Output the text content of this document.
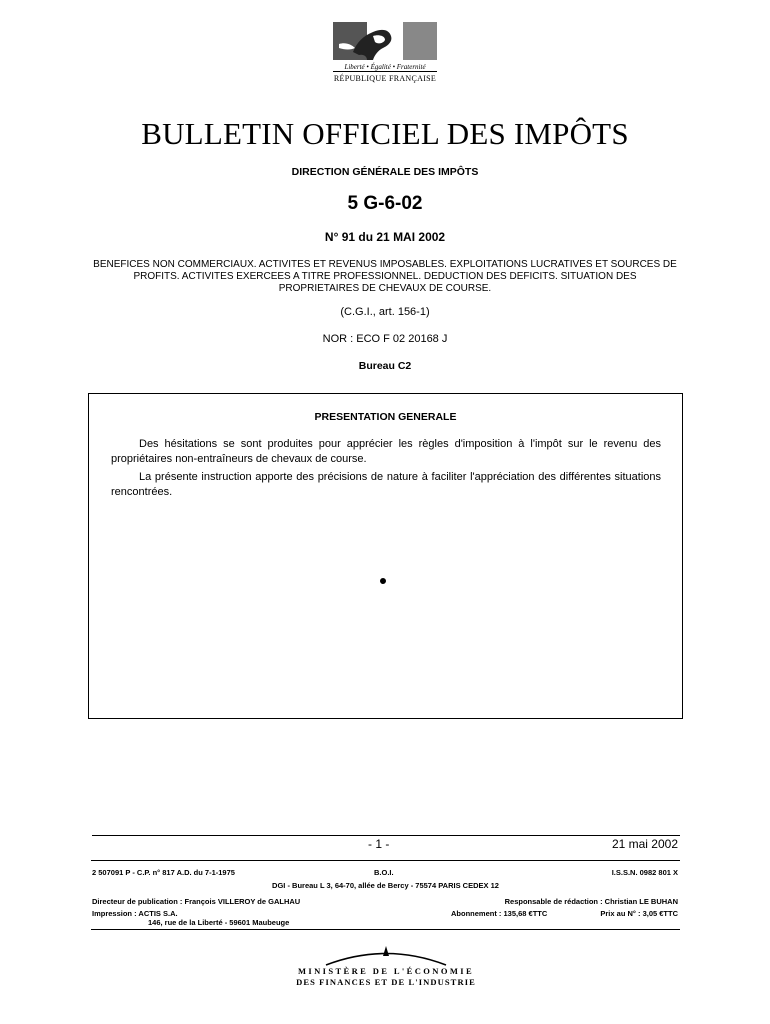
Liberté • Égalité • Fraternité
RÉPUBLIQUE FRANÇAISE
BULLETIN OFFICIEL DES IMPÔTS
DIRECTION GÉNÉRALE DES IMPÔTS
5 G-6-02
N° 91 du 21 MAI 2002
BENEFICES NON COMMERCIAUX. ACTIVITES ET REVENUS IMPOSABLES. EXPLOITATIONS LUCRATIVES ET SOURCES DE PROFITS. ACTIVITES EXERCEES A TITRE PROFESSIONNEL. DEDUCTION DES DEFICITS. SITUATION DES PROPRIETAIRES DE CHEVAUX DE COURSE.
(C.G.I., art. 156-1)
NOR : ECO F 02 20168 J
Bureau C2
PRESENTATION GENERALE

Des hésitations se sont produites pour apprécier les règles d'imposition à l'impôt sur le revenu des propriétaires non-entraîneurs de chevaux de course.

La présente instruction apporte des précisions de nature à faciliter l'appréciation des différentes situations rencontrées.

- 1 -	21 mai 2002
2 507091 P - C.P. n° 817 A.D. du 7-1-1975	B.O.I.	I.S.S.N. 0982 801 X
DGI - Bureau L 3, 64-70, allée de Bercy - 75574 PARIS CEDEX 12
Directeur de publication : François VILLEROY de GALHAU	Responsable de rédaction : Christian LE BUHAN
Impression : ACTIS S.A.	Abonnement : 135,68 €TTC	Prix au N° : 3,05 €TTC
146, rue de la Liberté - 59601 Maubeuge
MINISTÈRE DE L'ÉCONOMIE
DES FINANCES ET DE L'INDUSTRIE
